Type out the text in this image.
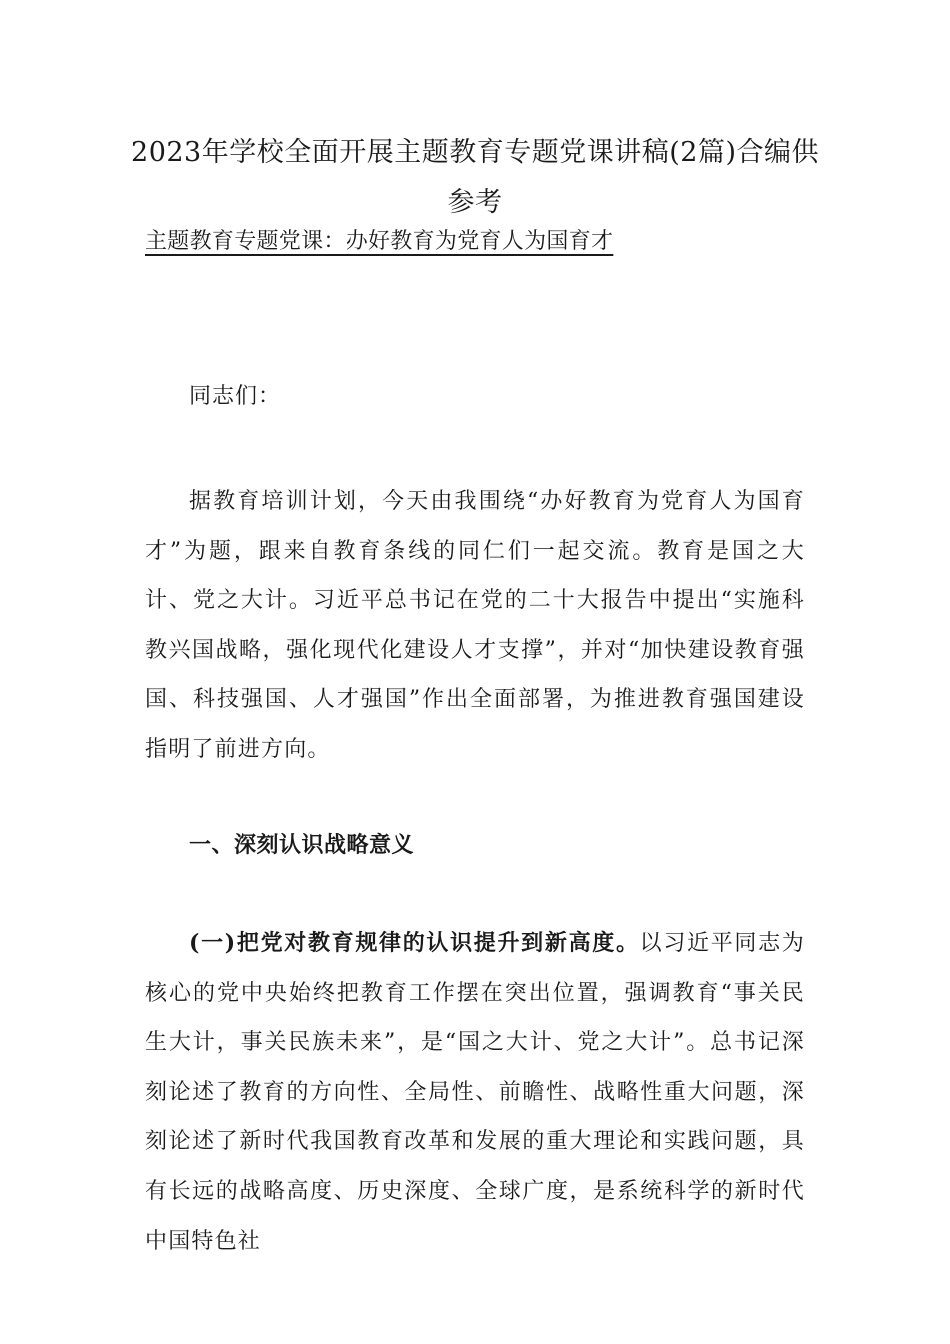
2023年学校全面开展主题教育专题党课讲稿(2篇)合编供参考
主题教育专题党课：办好教育为党育人为国育才
同志们：
据教育培训计划，今天由我围绕“办好教育为党育人为国育才”为题，跟来自教育条线的同仁们一起交流。教育是国之大计、党之大计。习近平总书记在党的二十大报告中提出“实施科教兴国战略，强化现代化建设人才支撑”，并对“加快建设教育强国、科技强国、人才强国”作出全面部署，为推进教育强国建设指明了前进方向。
一、深刻认识战略意义
(一)把党对教育规律的认识提升到新高度。以习近平同志为核心的党中央始终把教育工作摆在突出位置，强调教育“事关民生大计，事关民族未来”，是“国之大计、党之大计”。总书记深刻论述了教育的方向性、全局性、前瞻性、战略性重大问题，深刻论述了新时代我国教育改革和发展的重大理论和实践问题，具有长远的战略高度、历史深度、全球广度，是系统科学的新时代中国特色社
